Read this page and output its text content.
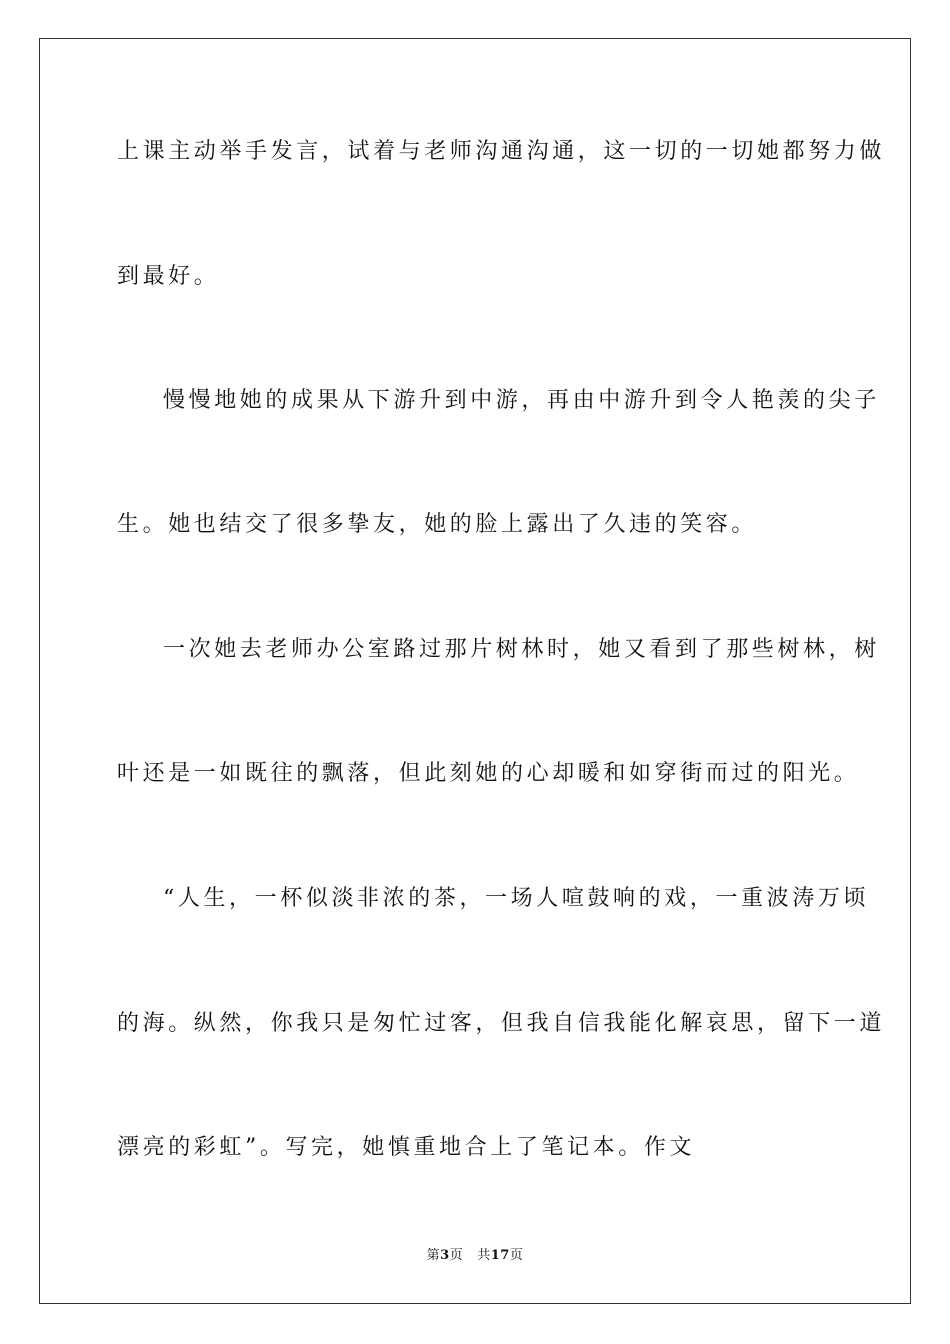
上课主动举手发言，试着与老师沟通沟通，这一切的一切她都努力做
到最好。
慢慢地她的成果从下游升到中游，再由中游升到令人艳羡的尖子
生。她也结交了很多挚友，她的脸上露出了久违的笑容。
一次她去老师办公室路过那片树林时，她又看到了那些树林，树
叶还是一如既往的飘落，但此刻她的心却暖和如穿街而过的阳光。
“人生，一杯似淡非浓的茶，一场人喧鼓响的戏，一重波涛万顷
的海。纵然，你我只是匆忙过客，但我自信我能化解哀思，留下一道
漂亮的彩虹”。写完，她慎重地合上了笔记本。作文
第3页 共17页
